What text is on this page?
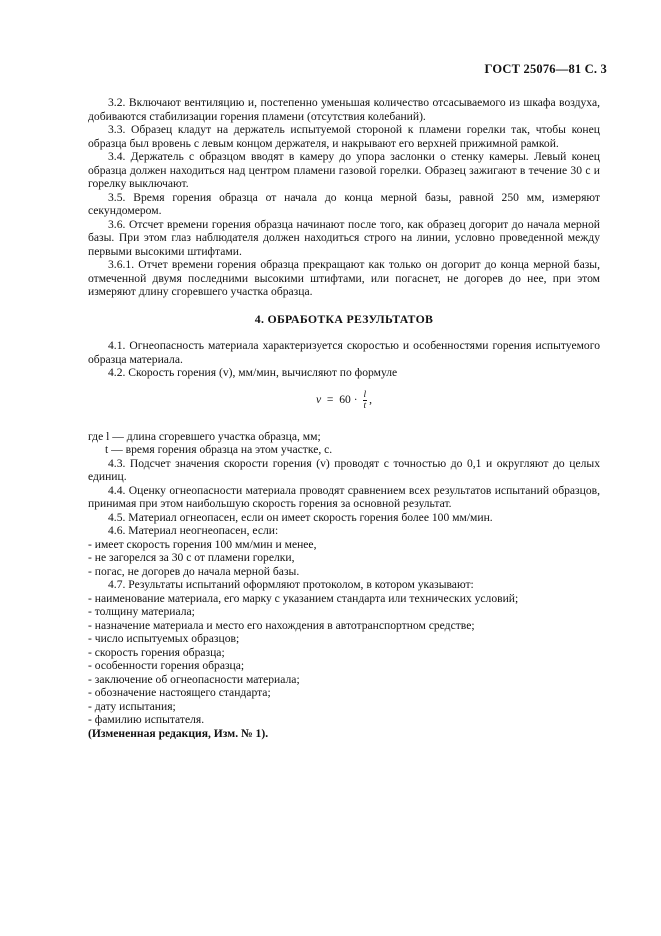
ГОСТ 25076—81 С. 3

3.2. Включают вентиляцию и, постепенно уменьшая количество отсасываемого из шкафа воздуха, добиваются стабилизации горения пламени (отсутствия колебаний).

3.3. Образец кладут на держатель испытуемой стороной к пламени горелки так, чтобы конец образца был вровень с левым концом держателя, и накрывают его верхней прижимной рамкой.

3.4. Держатель с образцом вводят в камеру до упора заслонки о стенку камеры. Левый конец образца должен находиться над центром пламени газовой горелки. Образец зажигают в течение 30 с и горелку выключают.

3.5. Время горения образца от начала до конца мерной базы, равной 250 мм, измеряют секундомером.

3.6. Отсчет времени горения образца начинают после того, как образец догорит до начала мерной базы. При этом глаз наблюдателя должен находиться строго на линии, условно проведенной между первыми высокими штифтами.

3.6.1. Отчет времени горения образца прекращают как только он догорит до конца мерной базы, отмеченной двумя последними высокими штифтами, или погаснет, не догорев до нее, при этом измеряют длину сгоревшего участка образца.

4. ОБРАБОТКА РЕЗУЛЬТАТОВ

4.1. Огнеопасность материала характеризуется скоростью и особенностями горения испытуемого образца материала.

4.2. Скорость горения (v), мм/мин, вычисляют по формуле

$v = 60 \cdot \frac{l}{t}$ ,

где l — длина сгоревшего участка образца, мм;

t — время горения образца на этом участке, с.

4.3. Подсчет значения скорости горения (v) проводят с точностью до 0,1 и округляют до целых единиц.

4.4. Оценку огнеопасности материала проводят сравнением всех результатов испытаний образцов, принимая при этом наибольшую скорость горения за основной результат.

4.5. Материал огнеопасен, если он имеет скорость горения более 100 мм/мин.

4.6. Материал неогнеопасен, если:

- имеет скорость горения 100 мм/мин и менее,

- не загорелся за 30 с от пламени горелки,

- погас, не догорев до начала мерной базы.

4.7. Результаты испытаний оформляют протоколом, в котором указывают:

- наименование материала, его марку с указанием стандарта или технических условий;

- толщину материала;

- назначение материала и место его нахождения в автотранспортном средстве;

- число испытуемых образцов;

- скорость горения образца;

- особенности горения образца;

- заключение об огнеопасности материала;

- обозначение настоящего стандарта;

- дату испытания;

- фамилию испытателя.

(Измененная редакция, Изм. № 1).
